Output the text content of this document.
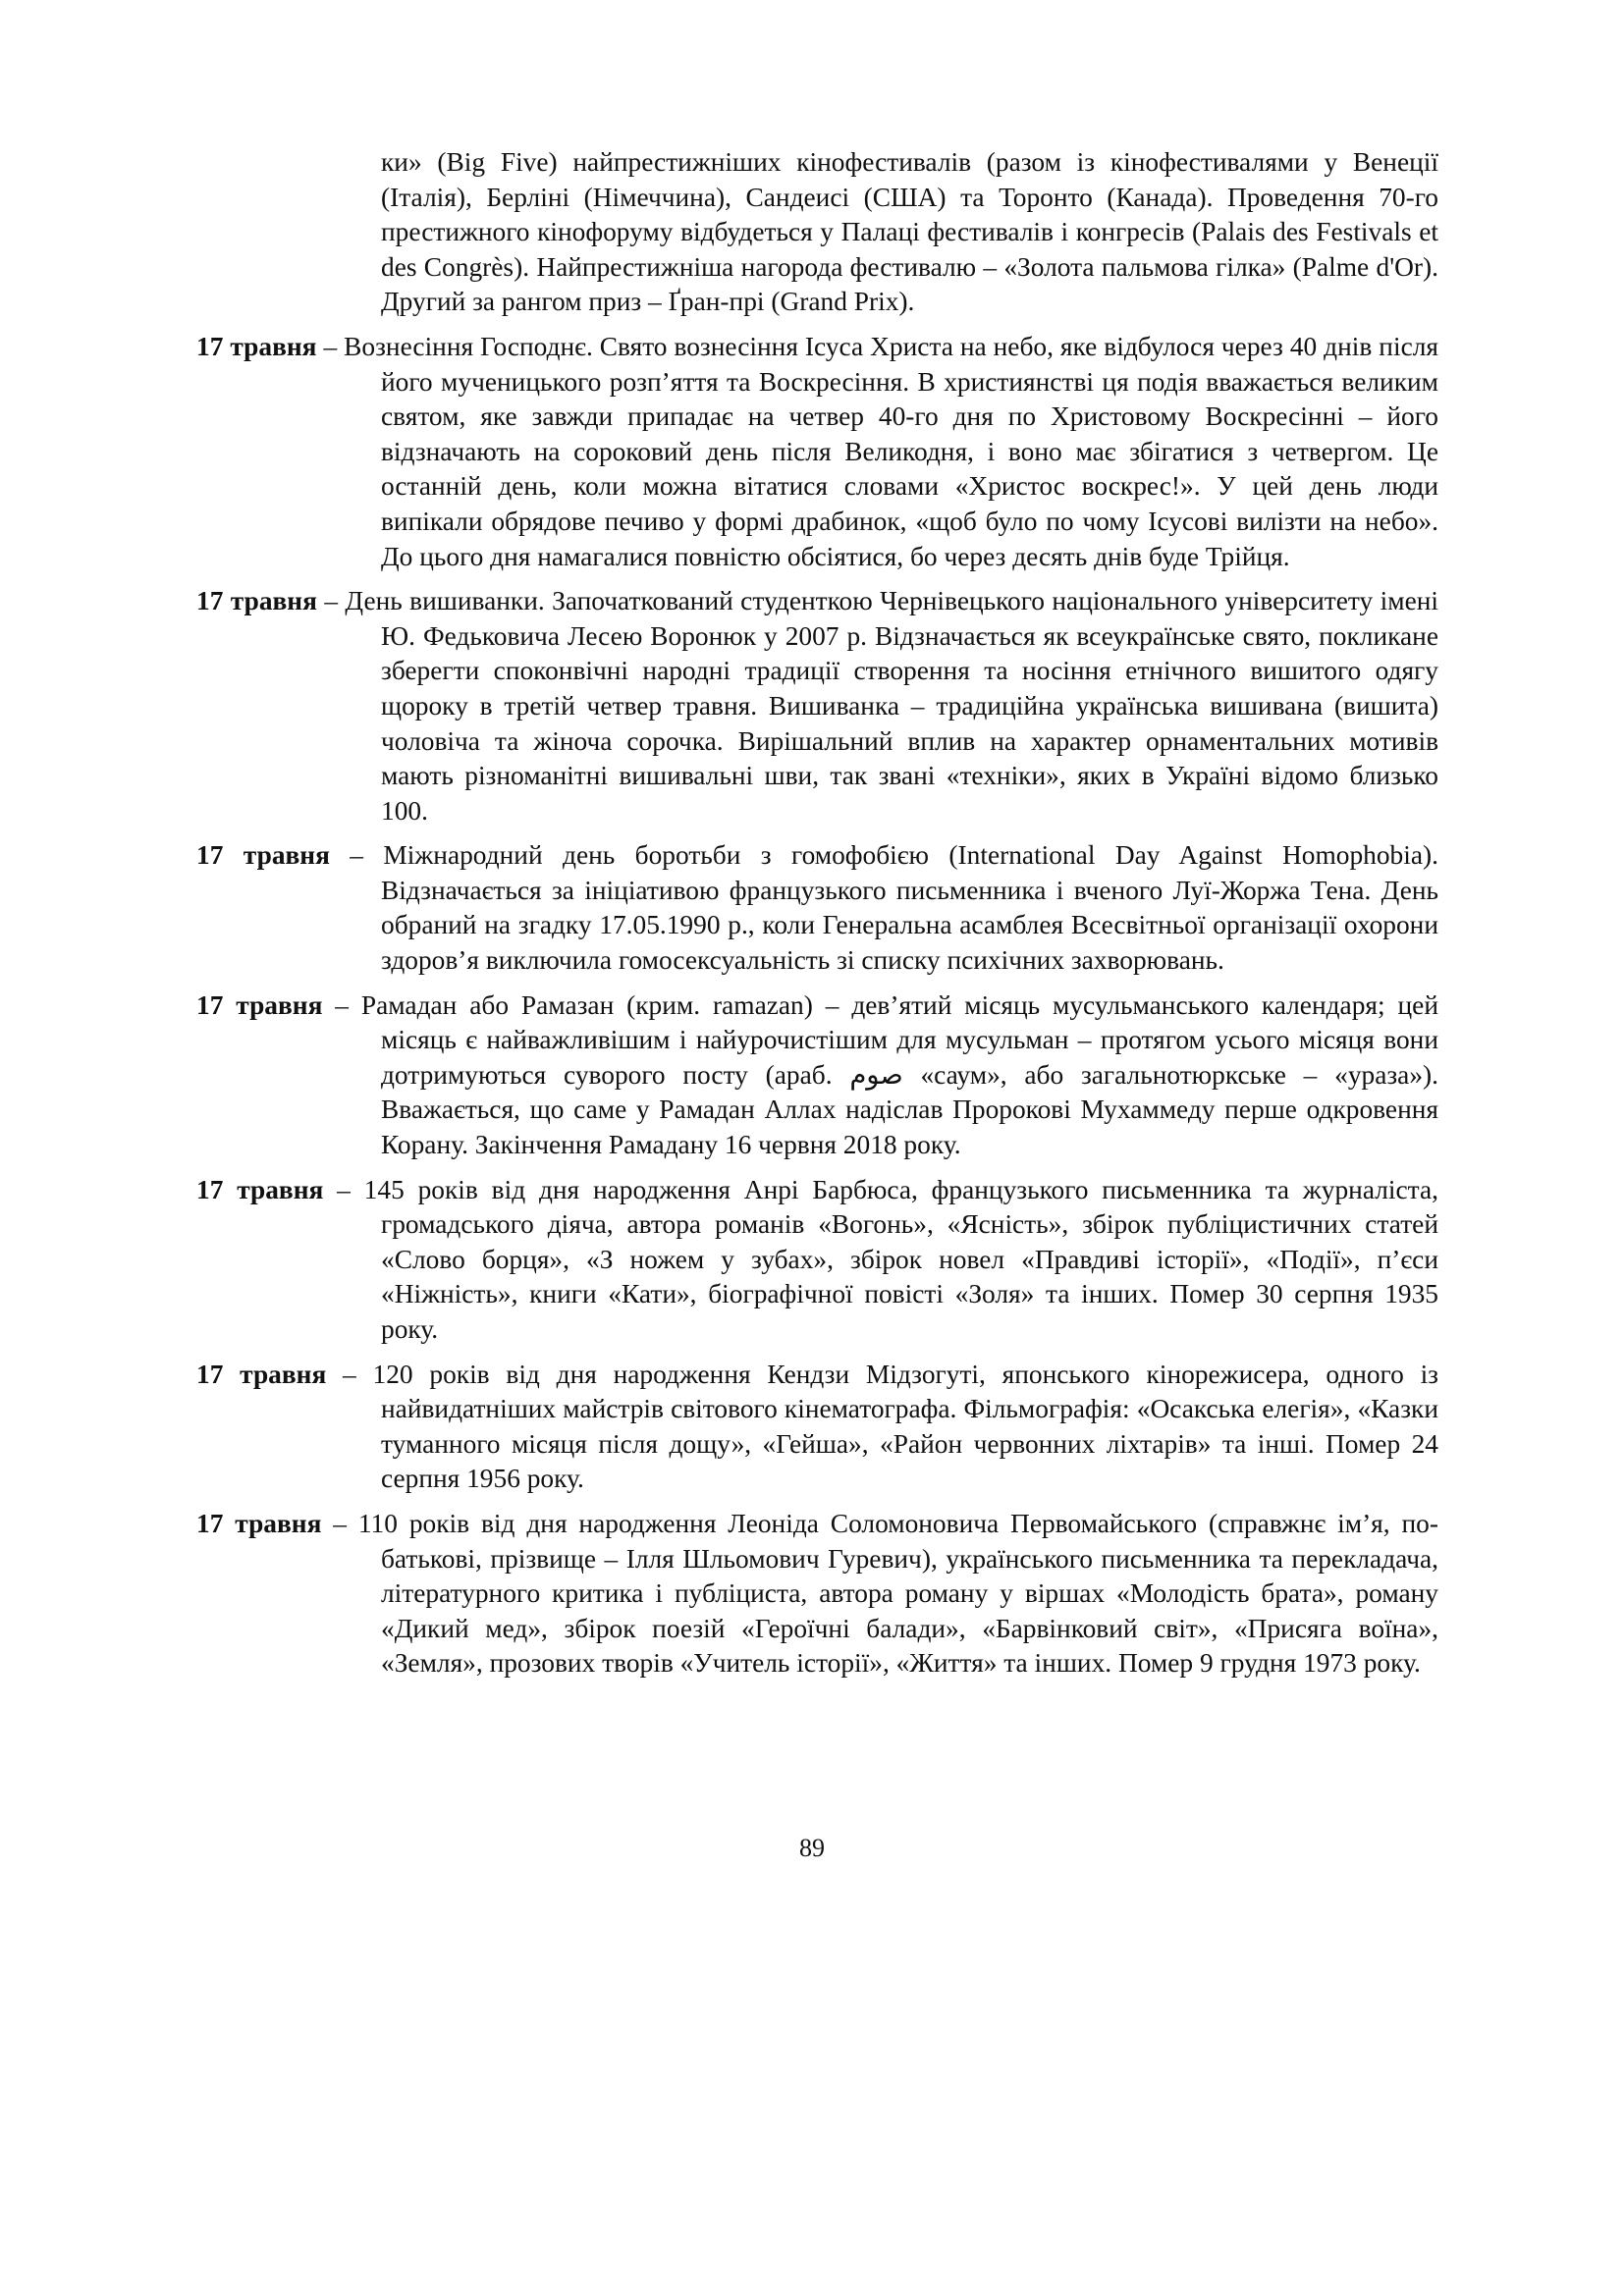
ки» (Big Five) найпрестижніших кінофестивалів (разом із кінофестивалями у Венеції (Італія), Берліні (Німеччина), Сандеисі (США) та Торонто (Канада). Проведення 70-го престижного кінофоруму відбудеться у Палаці фестивалів і конгресів (Palais des Festivals et des Congrès). Найпрестижніша нагорода фестивалю – «Золота пальмова гілка» (Palme d'Or). Другий за рангом приз – Ґран-прі (Grand Prix).

17 травня – Вознесіння Господнє. Свято вознесіння Ісуса Христа на небо, яке відбулося через 40 днів після його мученицького розп’яття та Воскресіння. В християнстві ця подія вважається великим святом, яке завжди припадає на четвер 40-го дня по Христовому Воскресінні – його відзначають на сороковий день після Великодня, і воно має збігатися з четвергом. Це останній день, коли можна вітатися словами «Христос воскрес!». У цей день люди випікали обрядове печиво у формі драбинок, «щоб було по чому Ісусові вилізти на небо». До цього дня намагалися повністю обсіятися, бо через десять днів буде Трійця.

17 травня – День вишиванки. Започаткований студенткою Чернівецького національного університету імені Ю. Федьковича Лесею Воронюк у 2007 р. Відзначається як всеукраїнське свято, покликане зберегти споконвічні народні традиції створення та носіння етнічного вишитого одягу щороку в третій четвер травня. Вишиванка – традиційна українська вишивана (вишита) чоловіча та жіноча сорочка. Вирішальний вплив на характер орнаментальних мотивів мають різноманітні вишивальні шви, так звані «техніки», яких в Україні відомо близько 100.

17 травня – Міжнародний день боротьби з гомофобією (International Day Against Homophobia). Відзначається за ініціативою французького письменника і вченого Луї-Жоржа Тена. День обраний на згадку 17.05.1990 р., коли Генеральна асамблея Всесвітньої організації охорони здоров’я виключила гомосексуальність зі списку психічних захворювань.

17 травня – Рамадан або Рамазан (крим. ramazan) – дев’ятий місяць мусульманського календаря; цей місяць є найважливішим і найурочистішим для мусульман – протягом усього місяця вони дотримуються суворого посту (араб. صوم «саум», або загальнотюркське – «ураза»). Вважається, що саме у Рамадан Аллах надіслав Пророкові Мухаммеду перше одкровення Корану. Закінчення Рамадану 16 червня 2018 року.

17 травня – 145 років від дня народження Анрі Барбюса, французького письменника та журналіста, громадського діяча, автора романів «Вогонь», «Ясність», збірок публіцистичних статей «Слово борця», «З ножем у зубах», збірок новел «Правдиві історії», «Події», п’єси «Ніжність», книги «Кати», біографічної повісті «Золя» та інших. Помер 30 серпня 1935 року.

17 травня – 120 років від дня народження Кендзи Мідзогуті, японського кінорежисера, одного із найвидатніших майстрів світового кінематографа. Фільмографія: «Осакська елегія», «Казки туманного місяця після дощу», «Гейша», «Район червонних ліхтарів» та інші. Помер 24 серпня 1956 року.

17 травня – 110 років від дня народження Леоніда Соломоновича Первомайського (справжнє ім’я, по-батькові, прізвище – Ілля Шльомович Гуревич), українського письменника та перекладача, літературного критика і публіциста, автора роману у віршах «Молодість брата», роману «Дикий мед», збірок поезій «Героїчні балади», «Барвінковий світ», «Присяга воїна», «Земля», прозових творів «Учитель історії», «Життя» та інших. Помер 9 грудня 1973 року.

89
